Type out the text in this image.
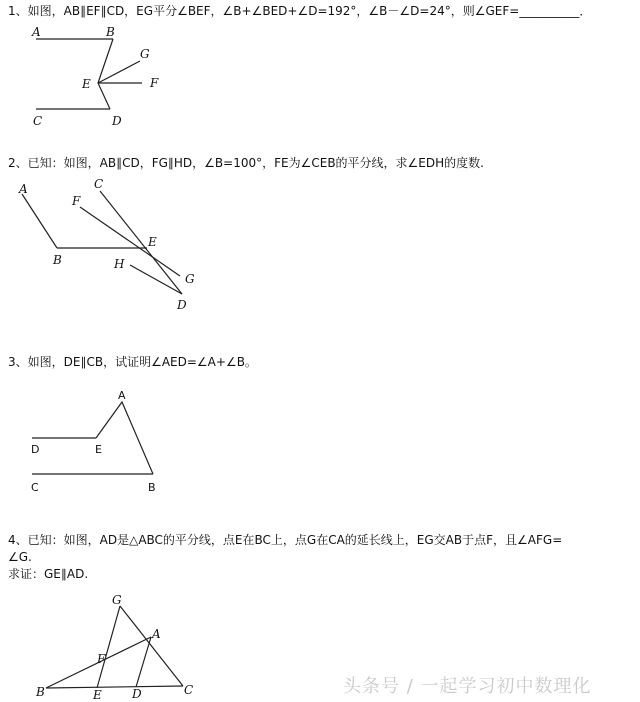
1、如图，AB∥EF∥CD，EG平分∠BEF，∠B+∠BED+∠D=192°，∠B－∠D=24°，则∠GEF=__________．
A	B
G
E	F
C	D
2、已知：如图，AB∥CD，FG∥HD，∠B=100°，FE为∠CEB的平分线，求∠EDH的度数.
A	C
F
E
B	H
G
D
3、如图，DE∥CB，试证明∠AED=∠A+∠B。
A
D	E
C	B
4、已知：如图，AD是△ABC的平分线，点E在BC上，点G在CA的延长线上，EG交AB于点F，且∠AFG=
∠G.
求证：GE∥AD.
G
A
F
B	E	D	C	头条号 / 一起学习初中数理化
